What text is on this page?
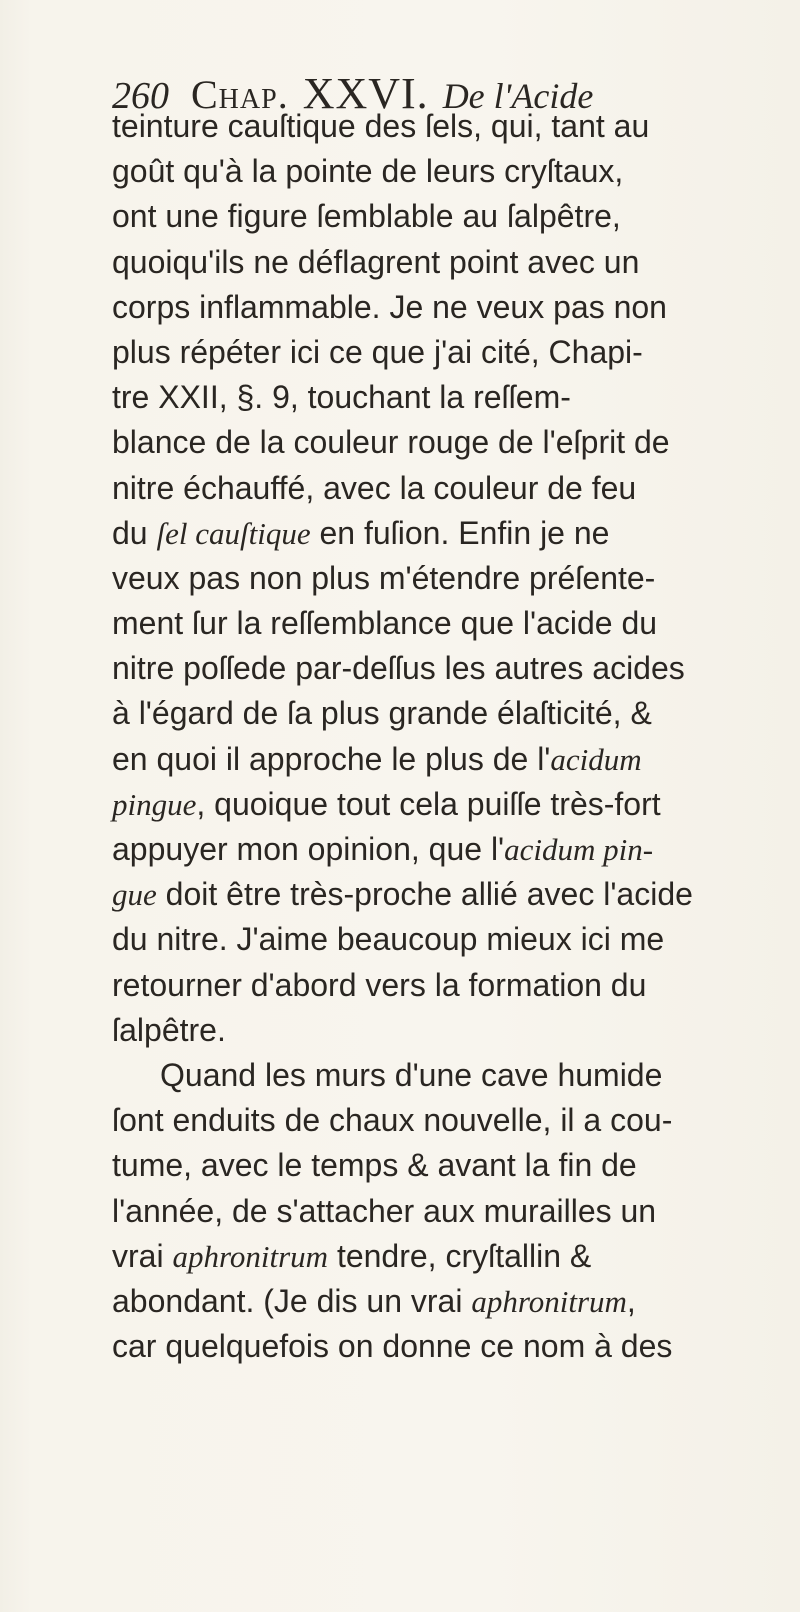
260 Chap. XXVI. De l'Acide
teinture cauſtique des ſels, qui, tant au
goût qu'à la pointe de leurs cryſtaux,
ont une figure ſemblable au ſalpêtre,
quoiqu'ils ne déflagrent point avec un
corps inflammable. Je ne veux pas non
plus répéter ici ce que j'ai cité, Chapi-
tre XXII, §. 9, touchant la reſſem-
blance de la couleur rouge de l'eſprit de
nitre échauffé, avec la couleur de feu
du ſel cauſtique en fuſion. Enfin je ne
veux pas non plus m'étendre préſente-
ment ſur la reſſemblance que l'acide du
nitre poſſede par-deſſus les autres acides
à l'égard de ſa plus grande élaſticité, &
en quoi il approche le plus de l'acidum
pingue, quoique tout cela puiſſe très-fort
appuyer mon opinion, que l'acidum pin-
gue doit être très-proche allié avec l'acide
du nitre. J'aime beaucoup mieux ici me
retourner d'abord vers la formation du
ſalpêtre.
Quand les murs d'une cave humide
ſont enduits de chaux nouvelle, il a cou-
tume, avec le temps & avant la fin de
l'année, de s'attacher aux murailles un
vrai aphronitrum tendre, cryſtallin &
abondant. (Je dis un vrai aphronitrum,
car quelquefois on donne ce nom à des
